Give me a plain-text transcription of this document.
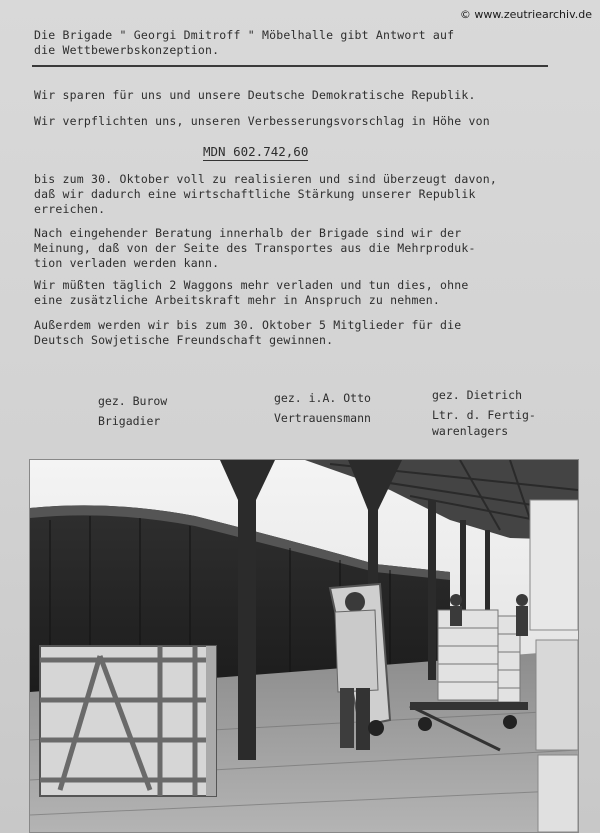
© www.zeutriearchiv.de
Die Brigade " Georgi Dmitroff " Möbelhalle gibt Antwort auf
die Wettbewerbskonzeption.
Wir sparen für uns und unsere Deutsche Demokratische Republik.
Wir verpflichten uns, unseren Verbesserungsvorschlag in Höhe von
MDN 602.742,60
bis zum 30. Oktober voll zu realisieren und sind überzeugt davon,
daß wir dadurch eine wirtschaftliche Stärkung unserer Republik
erreichen.
Nach eingehender Beratung innerhalb der Brigade sind wir der
Meinung, daß von der Seite des Transportes aus die Mehrproduk-
tion verladen werden kann.
Wir müßten täglich 2 Waggons mehr verladen und tun dies, ohne
eine zusätzliche Arbeitskraft mehr in Anspruch zu nehmen.
Außerdem werden wir bis zum 30. Oktober 5 Mitglieder für die
Deutsch Sowjetische Freundschaft gewinnen.
gez. Burow
Brigadier
gez. i.A. Otto
Vertrauensmann
gez. Dietrich
Ltr. d. Fertig-
warenlagers
